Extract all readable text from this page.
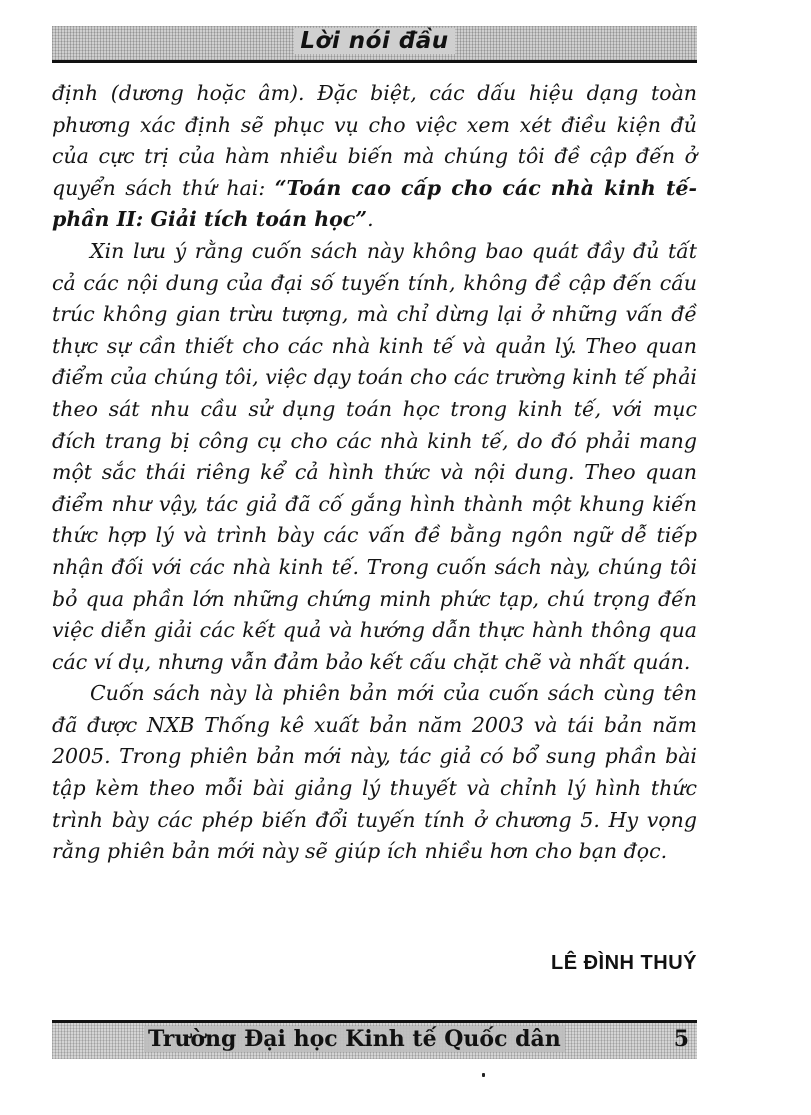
Lời nói đầu

định (dương hoặc âm). Đặc biệt, các dấu hiệu dạng toàn phương xác định sẽ phục vụ cho việc xem xét điều kiện đủ của cực trị của hàm nhiều biến mà chúng tôi đề cập đến ở quyển sách thứ hai: “Toán cao cấp cho các nhà kinh tế- phần II: Giải tích toán học”.

Xin lưu ý rằng cuốn sách này không bao quát đầy đủ tất cả các nội dung của đại số tuyến tính, không đề cập đến cấu trúc không gian trừu tượng, mà chỉ dừng lại ở những vấn đề thực sự cần thiết cho các nhà kinh tế và quản lý. Theo quan điểm của chúng tôi, việc dạy toán cho các trường kinh tế phải theo sát nhu cầu sử dụng toán học trong kinh tế, với mục đích trang bị công cụ cho các nhà kinh tế, do đó phải mang một sắc thái riêng kể cả hình thức và nội dung. Theo quan điểm như vậy, tác giả đã cố gắng hình thành một khung kiến thức hợp lý và trình bày các vấn đề bằng ngôn ngữ dễ tiếp nhận đối với các nhà kinh tế. Trong cuốn sách này, chúng tôi bỏ qua phần lớn những chứng minh phức tạp, chú trọng đến việc diễn giải các kết quả và hướng dẫn thực hành thông qua các ví dụ, nhưng vẫn đảm bảo kết cấu chặt chẽ và nhất quán.

Cuốn sách này là phiên bản mới của cuốn sách cùng tên đã được NXB Thống kê xuất bản năm 2003 và tái bản năm 2005. Trong phiên bản mới này, tác giả có bổ sung phần bài tập kèm theo mỗi bài giảng lý thuyết và chỉnh lý hình thức trình bày các phép biến đổi tuyến tính ở chương 5. Hy vọng rằng phiên bản mới này sẽ giúp ích nhiều hơn cho bạn đọc.

LÊ ĐÌNH THUÝ
Trường Đại học Kinh tế Quốc dân	5
